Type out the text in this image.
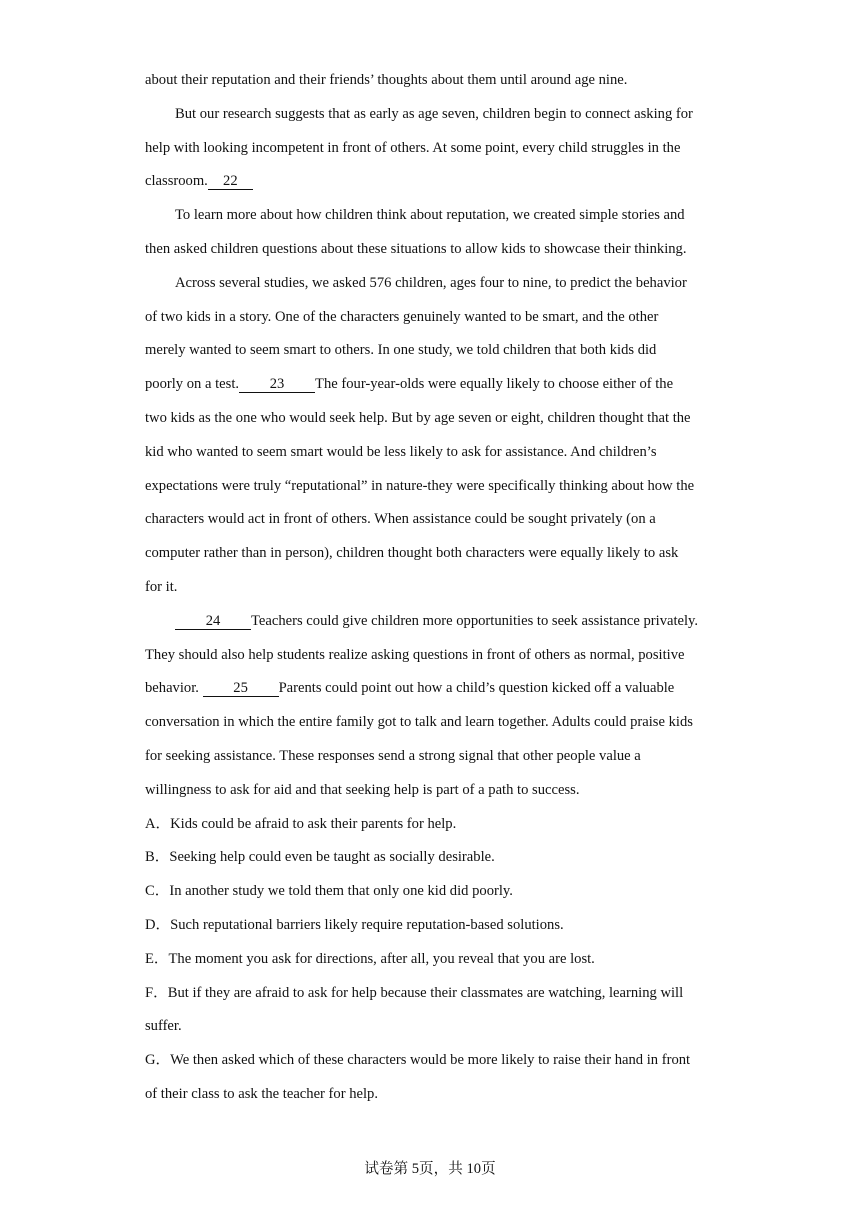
about their reputation and their friends’ thoughts about them until around age nine.
But our research suggests that as early as age seven, children begin to connect asking for
help with looking incompetent in front of others. At some point, every child struggles in the
classroom. 22
To learn more about how children think about reputation, we created simple stories and
then asked children questions about these situations to allow kids to showcase their thinking.
Across several studies, we asked 576 children, ages four to nine, to predict the behavior
of two kids in a story. One of the characters genuinely wanted to be smart, and the other
merely wanted to seem smart to others. In one study, we told children that both kids did
poorly on a test. 23 The four-year-olds were equally likely to choose either of the
two kids as the one who would seek help. But by age seven or eight, children thought that the
kid who wanted to seem smart would be less likely to ask for assistance. And children’s
expectations were truly “reputational” in nature-they were specifically thinking about how the
characters would act in front of others. When assistance could be sought privately (on a
computer rather than in person), children thought both characters were equally likely to ask
for it.
24 Teachers could give children more opportunities to seek assistance privately.
They should also help students realize asking questions in front of others as normal, positive
behavior. 25 Parents could point out how a child’s question kicked off a valuable
conversation in which the entire family got to talk and learn together. Adults could praise kids
for seeking assistance. These responses send a strong signal that other people value a
willingness to ask for aid and that seeking help is part of a path to success.
A．Kids could be afraid to ask their parents for help.
B．Seeking help could even be taught as socially desirable.
C．In another study we told them that only one kid did poorly.
D．Such reputational barriers likely require reputation-based solutions.
E．The moment you ask for directions, after all, you reveal that you are lost.
F．But if they are afraid to ask for help because their classmates are watching, learning will
suffer.
G．We then asked which of these characters would be more likely to raise their hand in front
of their class to ask the teacher for help.
试卷第 5页，共 10页
